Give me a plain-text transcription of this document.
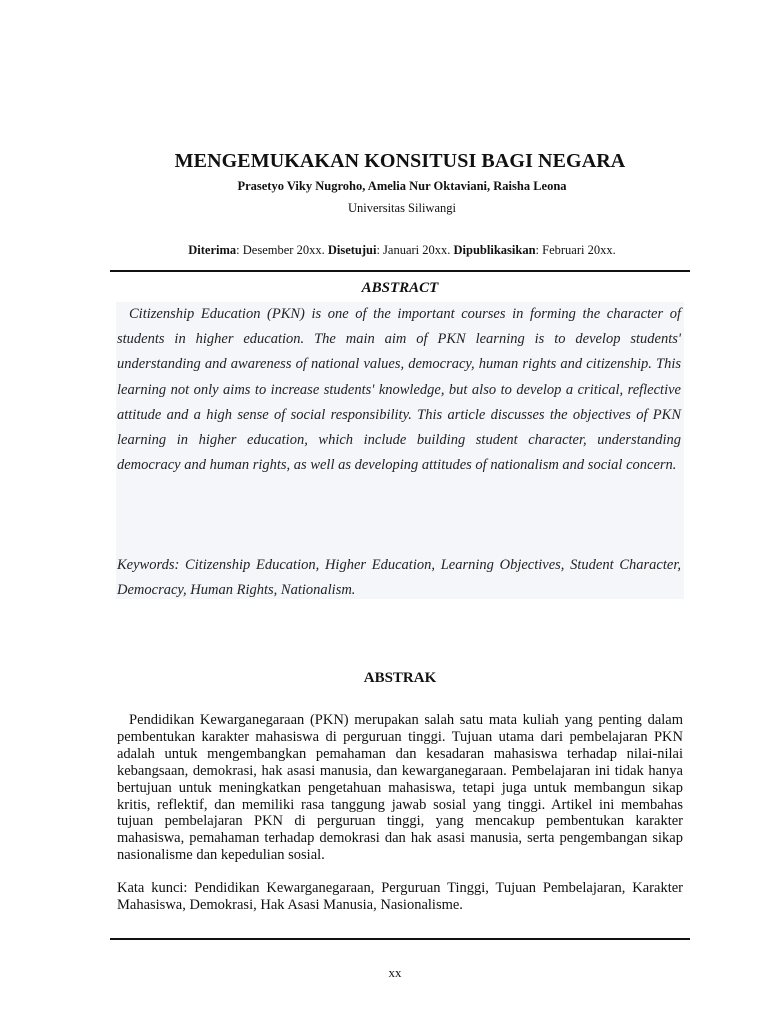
MENGEMUKAKAN KONSITUSI BAGI NEGARA
Prasetyo Viky Nugroho, Amelia Nur Oktaviani, Raisha Leona
Universitas Siliwangi
Diterima: Desember 20xx. Disetujui: Januari 20xx. Dipublikasikan: Februari 20xx.
ABSTRACT

Citizenship Education (PKN) is one of the important courses in forming the character of students in higher education. The main aim of PKN learning is to develop students' understanding and awareness of national values, democracy, human rights and citizenship. This learning not only aims to increase students' knowledge, but also to develop a critical, reflective attitude and a high sense of social responsibility. This article discusses the objectives of PKN learning in higher education, which include building student character, understanding democracy and human rights, as well as developing attitudes of nationalism and social concern.

Keywords: Citizenship Education, Higher Education, Learning Objectives, Student Character, Democracy, Human Rights, Nationalism.

ABSTRAK

Pendidikan Kewarganegaraan (PKN) merupakan salah satu mata kuliah yang penting dalam pembentukan karakter mahasiswa di perguruan tinggi. Tujuan utama dari pembelajaran PKN adalah untuk mengembangkan pemahaman dan kesadaran mahasiswa terhadap nilai-nilai kebangsaan, demokrasi, hak asasi manusia, dan kewarganegaraan. Pembelajaran ini tidak hanya bertujuan untuk meningkatkan pengetahuan mahasiswa, tetapi juga untuk membangun sikap kritis, reflektif, dan memiliki rasa tanggung jawab sosial yang tinggi. Artikel ini membahas tujuan pembelajaran PKN di perguruan tinggi, yang mencakup pembentukan karakter mahasiswa, pemahaman terhadap demokrasi dan hak asasi manusia, serta pengembangan sikap nasionalisme dan kepedulian sosial.

Kata kunci: Pendidikan Kewarganegaraan, Perguruan Tinggi, Tujuan Pembelajaran, Karakter Mahasiswa, Demokrasi, Hak Asasi Manusia, Nasionalisme.

xx
